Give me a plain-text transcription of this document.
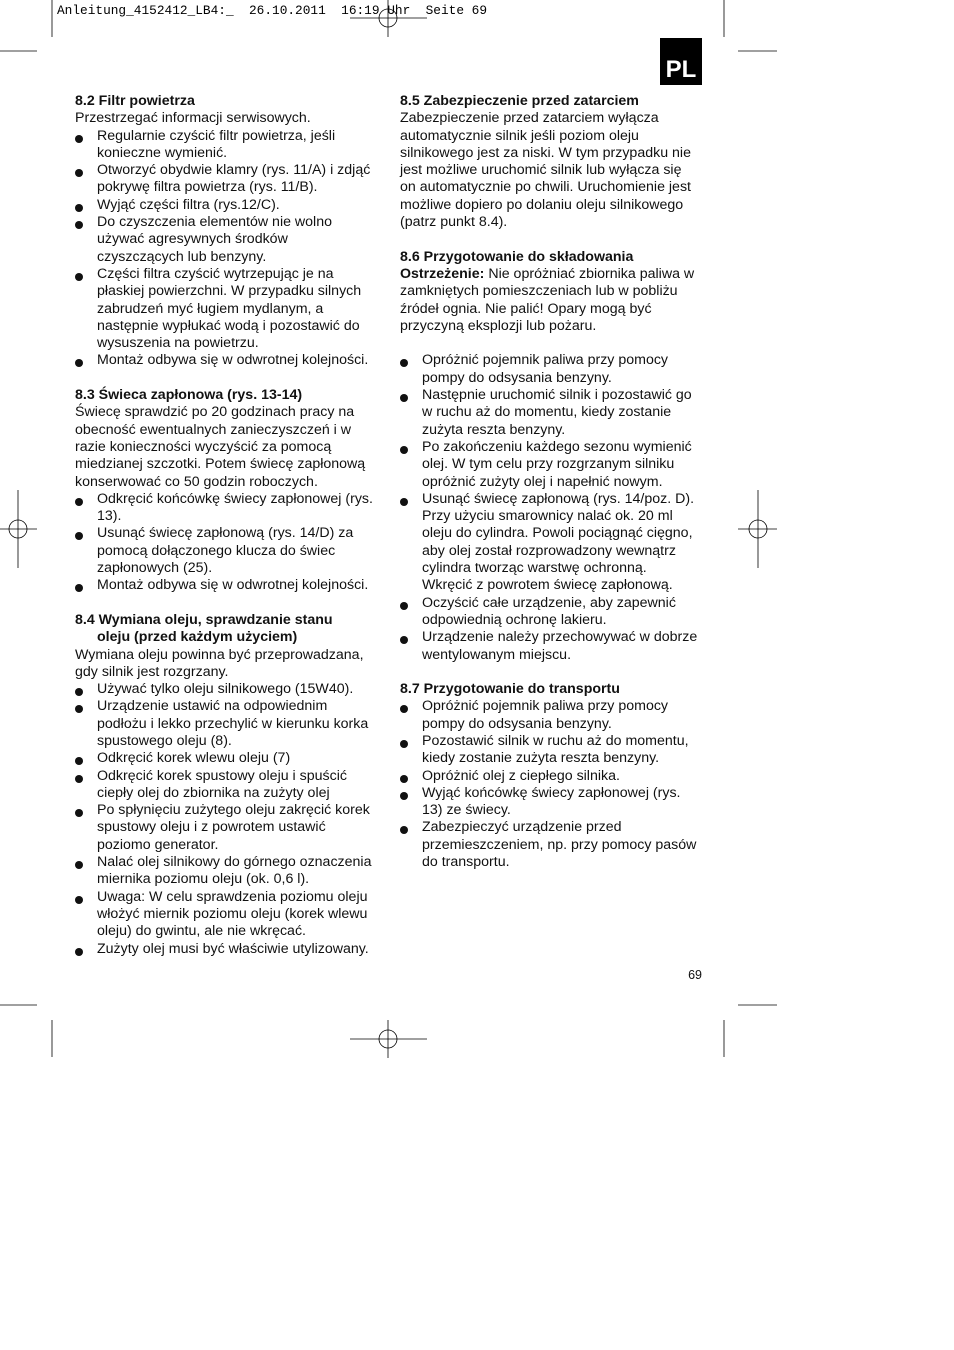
Anleitung_4152412_LB4:_  26.10.2011  16:19 Uhr  Seite 69
PL
8.2 Filtr powietrza
Przestrzegać informacji serwisowych.
Regularnie czyścić filtr powietrza, jeśli
konieczne wymienić.
Otworzyć obydwie klamry (rys. 11/A) i zdjąć
pokrywę filtra powietrza (rys. 11/B).
Wyjąć części filtra (rys.12/C).
Do czyszczenia elementów nie wolno
używać agresywnych środków
czyszczących lub benzyny.
Części filtra czyścić wytrzepując je na
płaskiej powierzchni. W przypadku silnych
zabrudzeń myć ługiem mydlanym, a
następnie wypłukać wodą i pozostawić do
wysuszenia na powietrzu.
Montaż odbywa się w odwrotnej kolejności.
8.3 Świeca zapłonowa (rys. 13-14)
Świecę sprawdzić po 20 godzinach pracy na
obecność ewentualnych zanieczyszczeń i w
razie konieczności wyczyścić za pomocą
miedzianej szczotki. Potem świecę zapłonową
konserwować co 50 godzin roboczych.
Odkręcić końcówkę świecy zapłonowej (rys.
13).
Usunąć świecę zapłonową (rys. 14/D) za
pomocą dołączonego klucza do świec
zapłonowych (25).
Montaż odbywa się w odwrotnej kolejności.
8.4 Wymiana oleju, sprawdzanie stanu
oleju (przed każdym użyciem)
Wymiana oleju powinna być przeprowadzana,
gdy silnik jest rozgrzany.
Używać tylko oleju silnikowego (15W40).
Urządzenie ustawić na odpowiednim
podłożu i lekko przechylić w kierunku korka
spustowego oleju (8).
Odkręcić korek wlewu oleju (7)
Odkręcić korek spustowy oleju i spuścić
ciepły olej do zbiornika na zużyty olej
Po spłynięciu zużytego oleju zakręcić korek
spustowy oleju i z powrotem ustawić
poziomo generator.
Nalać olej silnikowy do górnego oznaczenia
miernika poziomu oleju (ok. 0,6 l).
Uwaga: W celu sprawdzenia poziomu oleju
włożyć miernik poziomu oleju (korek wlewu
oleju) do gwintu, ale nie wkręcać.
Zużyty olej musi być właściwie utylizowany.
8.5 Zabezpieczenie przed zatarciem
Zabezpieczenie przed zatarciem wyłącza
automatycznie silnik jeśli poziom oleju
silnikowego jest za niski. W tym przypadku nie
jest możliwe uruchomić silnik lub wyłącza się
on automatycznie po chwili. Uruchomienie jest
możliwe dopiero po dolaniu oleju silnikowego
(patrz punkt 8.4).
8.6 Przygotowanie do składowania
Ostrzeżenie: Nie opróżniać zbiornika paliwa w
zamkniętych pomieszczeniach lub w pobliżu
źródeł ognia. Nie palić! Opary mogą być
przyczyną eksplozji lub pożaru.
Opróżnić pojemnik paliwa przy pomocy
pompy do odsysania benzyny.
Następnie uruchomić silnik i pozostawić go
w ruchu aż do momentu, kiedy zostanie
zużyta reszta benzyny.
Po zakończeniu każdego sezonu wymienić
olej. W tym celu przy rozgrzanym silniku
opróżnić zużyty olej i napełnić nowym.
Usunąć świecę zapłonową (rys. 14/poz. D).
Przy użyciu smarownicy nalać ok. 20 ml
oleju do cylindra. Powoli pociągnąć cięgno,
aby olej został rozprowadzony wewnątrz
cylindra tworząc warstwę ochronną.
Wkręcić z powrotem świecę zapłonową.
Oczyścić całe urządzenie, aby zapewnić
odpowiednią ochronę lakieru.
Urządzenie należy przechowywać w dobrze
wentylowanym miejscu.
8.7 Przygotowanie do transportu
Opróżnić pojemnik paliwa przy pomocy
pompy do odsysania benzyny.
Pozostawić silnik w ruchu aż do momentu,
kiedy zostanie zużyta reszta benzyny.
Opróżnić olej z ciepłego silnika.
Wyjąć końcówkę świecy zapłonowej (rys.
13) ze świecy.
Zabezpieczyć urządzenie przed
przemieszczeniem, np. przy pomocy pasów
do transportu.
69
